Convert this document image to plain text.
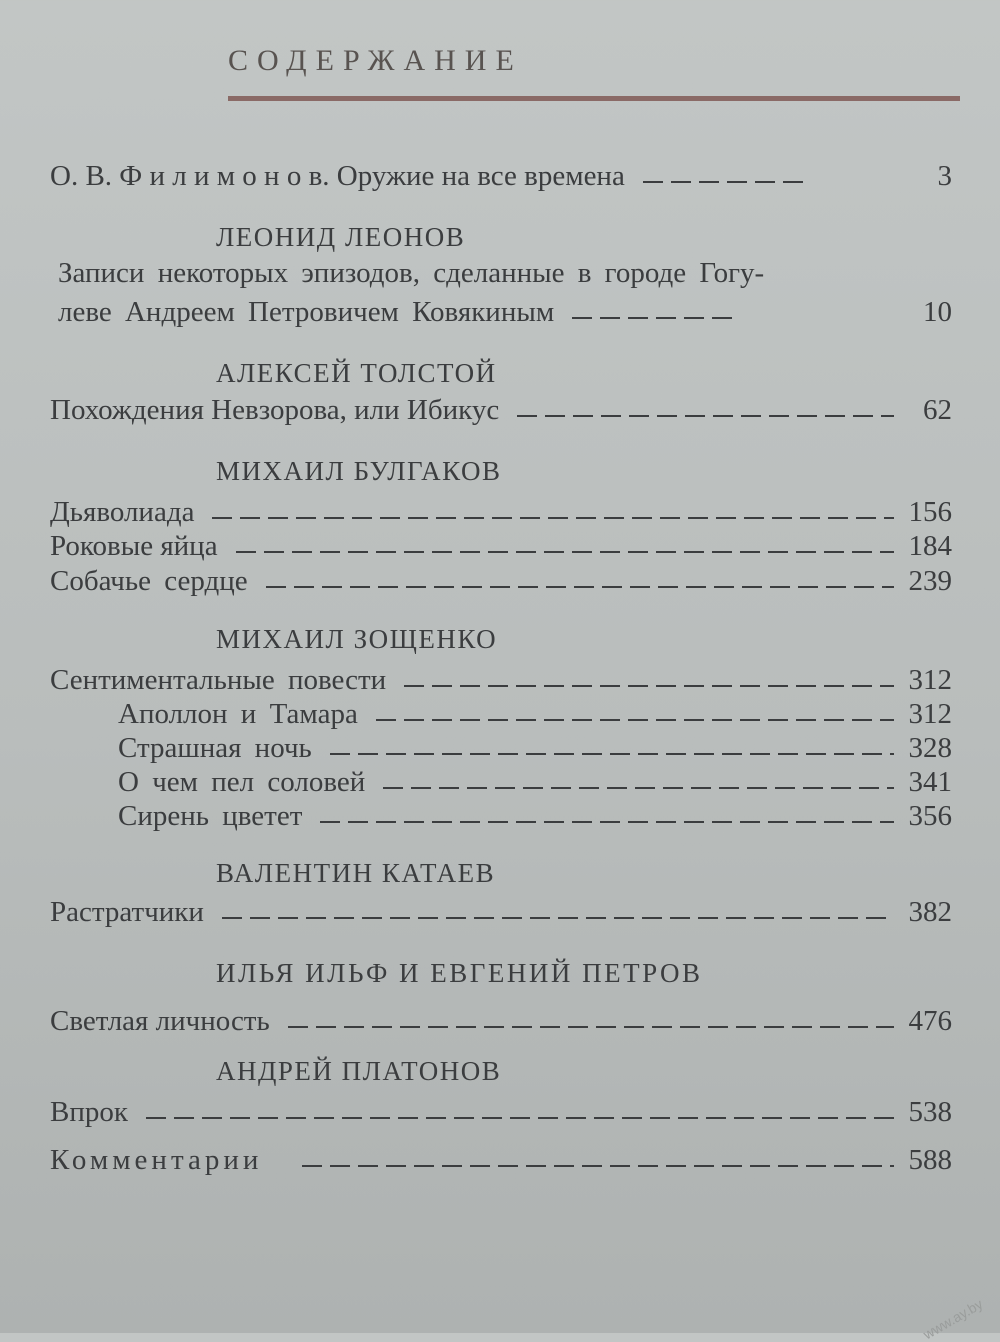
СОДЕРЖАНИЕ
О. В. Ф и л и м о н о в. Оружие на все времена	3
ЛЕОНИД ЛЕОНОВ
Записи некоторых эпизодов, сделанные в городе Гогу-
леве Андреем Петровичем Ковякиным	10
АЛЕКСЕЙ ТОЛСТОЙ
Похождения Невзорова, или Ибикус	62
МИХАИЛ БУЛГАКОВ
Дьяволиада	156
Роковые яйца	184
Собачье сердце	239
МИХАИЛ ЗОЩЕНКО
Сентиментальные повести	312
Аполлон и Тамара	312
Страшная ночь	328
О чем пел соловей	341
Сирень цветет	356
ВАЛЕНТИН КАТАЕВ
Растратчики	382
ИЛЬЯ ИЛЬФ И ЕВГЕНИЙ ПЕТРОВ
Светлая личность	476
АНДРЕЙ ПЛАТОНОВ
Впрок	538
Комментарии	588
www.ay.by
